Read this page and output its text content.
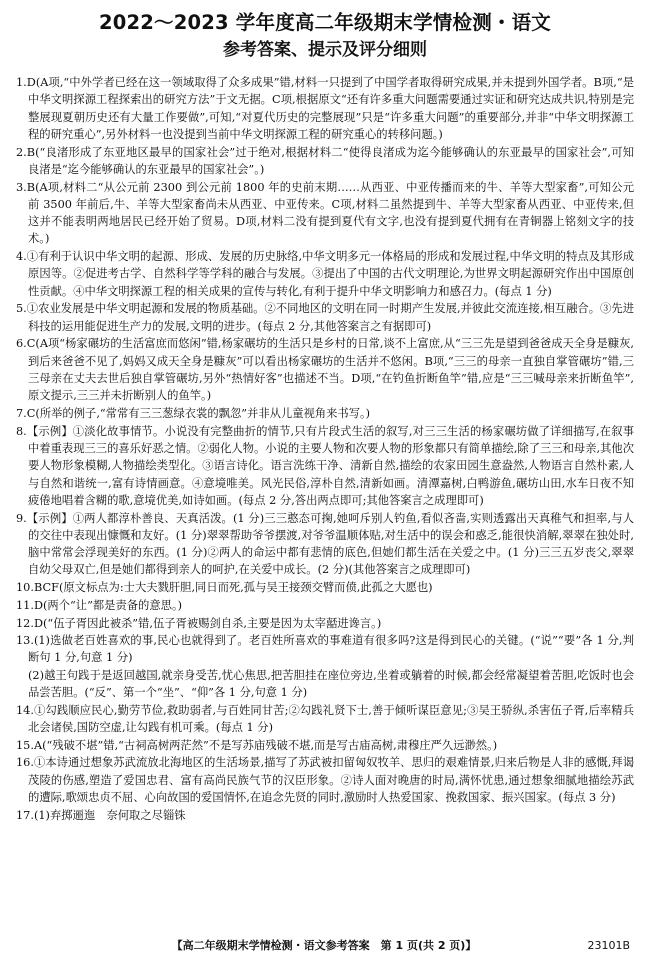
2022～2023 学年度高二年级期末学情检测・语文
参考答案、提示及评分细则

1.D(A项,“中外学者已经在这一领域取得了众多成果”错,材料一只提到了中国学者取得研究成果,并未提到外国学者。B项,“是中华文明探源工程探索出的研究方法”于文无据。C项,根据原文“还有许多重大问题需要通过实证和研究达成共识,特别是完整展现夏朝历史还有大量工作要做”,可知,“对夏代历史的完整展现”只是“许多重大问题”的重要部分,并非“中华文明探源工程的研究重心”,另外材料一也没提到当前中华文明探源工程的研究重心的转移问题。)

2.B(“良渚形成了东亚地区最早的国家社会”过于绝对,根据材料二“使得良渚成为迄今能够确认的东亚最早的国家社会”,可知良渚是“迄今能够确认的东亚最早的国家社会”。)

3.B(A项,材料二“从公元前 2300 到公元前 1800 年的史前末期……从西亚、中亚传播而来的牛、羊等大型家畜”,可知公元前 3500 年前后,牛、羊等大型家畜尚未从西亚、中亚传来。C项,材料二虽然提到牛、羊等大型家畜从西亚、中亚传来,但这并不能表明两地居民已经开始了贸易。D项,材料二没有提到夏代有文字,也没有提到夏代拥有在青铜器上铭刻文字的技术。)

4.①有利于认识中华文明的起源、形成、发展的历史脉络,中华文明多元一体格局的形成和发展过程,中华文明的特点及其形成原因等。②促进考古学、自然科学等学科的融合与发展。③提出了中国的古代文明理论,为世界文明起源研究作出中国原创性贡献。④中华文明探源工程的相关成果的宣传与转化,有利于提升中华文明影响力和感召力。(每点 1 分)

5.①农业发展是中华文明起源和发展的物质基础。②不同地区的文明在同一时期产生发展,并彼此交流连接,相互融合。③先进科技的运用能促进生产力的发展,文明的进步。(每点 2 分,其他答案言之有据即可)

6.C(A项“杨家碾坊的生活富庶而悠闲”错,杨家碾坊的生活只是乡村的日常,谈不上富庶,从“三三先是望到爸爸成天全身是糠灰,到后来爸爸不见了,妈妈又成天全身是糠灰”可以看出杨家碾坊的生活并不悠闲。B项,“三三的母亲一直独自掌管碾坊”错,三三母亲在丈夫去世后独自掌管碾坊,另外“热情好客”也描述不当。D项,“在钓鱼折断鱼竿”错,应是“三三喊母亲来折断鱼竿”,原文提示,三三并未折断别人的鱼竿。)

7.C(所举的例子,“常常有三三葱绿衣裳的飘忽”并非从儿童视角来书写。)

8.【示例】①淡化故事情节。小说没有完整曲折的情节,只有片段式生活的叙写,对三三生活的杨家碾坊做了详细描写,在叙事中着重表现三三的喜乐好恶之情。②弱化人物。小说的主要人物和次要人物的形象都只有简单描绘,除了三三和母亲,其他次要人物形象模糊,人物描绘类型化。③语言诗化。语言洗练干净、清新自然,描绘的农家田园生意盎然,人物语言自然朴素,人与自然和谐统一,富有诗情画意。④意境唯美。风光民俗,淳朴自然,清新如画。清潭嘉树,白鸭游鱼,碾坊山田,水车日夜不知疲倦地唱着含糊的歌,意境优美,如诗如画。(每点 2 分,答出两点即可;其他答案言之成理即可)

9.【示例】①两人都淳朴善良、天真活泼。(1 分)三三憨态可掬,她呵斥别人钓鱼,看似吝啬,实则透露出天真稚气和担率,与人的交往中表现出慷慨和友好。(1 分)翠翠帮助爷爷摆渡,对爷爷温顺体贴,对生活中的误会和惑乏,能很快消解,翠翠在独处时,脑中常常会浮现美好的东西。(1 分)②两人的命运中都有悲情的底色,但她们都生活在关爱之中。(1 分)三三五岁丧父,翠翠自幼父母双亡,但是她们都得到亲人的呵护,在关爱中成长。(2 分)(其他答案言之成理即可)

10.BCF(原文标点为:士大夫戮肝胆,同日而死,孤与吴王接颈交臂而偾,此孤之大愿也)

11.D(两个“让”都是责备的意思。)

12.D(“伍子胥因此被杀”错,伍子胥被赐剑自杀,主要是因为太宰嚭进谗言。)

13.(1)选做老百姓喜欢的事,民心也就得到了。老百姓所喜欢的事难道有很多吗?这是得到民心的关键。(“说”“要”各 1 分,判断句 1 分,句意 1 分)
(2)越王句践于是返回越国,就亲身受苦,忧心焦思,把苦胆挂在座位旁边,坐着或躺着的时候,都会经常凝望着苦胆,吃饭时也会品尝苦胆。(“反”、第一个“坐”、“仰”各 1 分,句意 1 分)

14.①勾践顺应民心,勤劳节俭,救助弱者,与百姓同甘苦;②勾践礼贤下士,善于倾听谋臣意见;③吴王骄纵,杀害伍子胥,后率精兵北会诸侯,国防空虚,让勾践有机可乘。(每点 1 分)

15.A(“残破不堪”错,“古祠高树两茫然”不是写苏庙残破不堪,而是写古庙高树,肃穆庄严久远渺然。)

16.①本诗通过想象苏武流放北海地区的生活场景,描写了苏武被扣留匈奴牧羊、思归的艰难情景,归来后物是人非的感慨,拜谒茂陵的伤感,塑造了爱国忠君、富有高尚民族气节的汉臣形象。②诗人面对晚唐的时局,满怀忧患,通过想象细腻地描绘苏武的遭际,歌颂忠贞不屈、心向故国的爱国情怀,在追念先贤的同时,激励时人热爱国家、挽救国家、振兴国家。(每点 3 分)

17.(1)弃掷逦迤　奈何取之尽锱铢

【高二年级期末学情检测・语文参考答案　第 1 页(共 2 页)】	23101B
